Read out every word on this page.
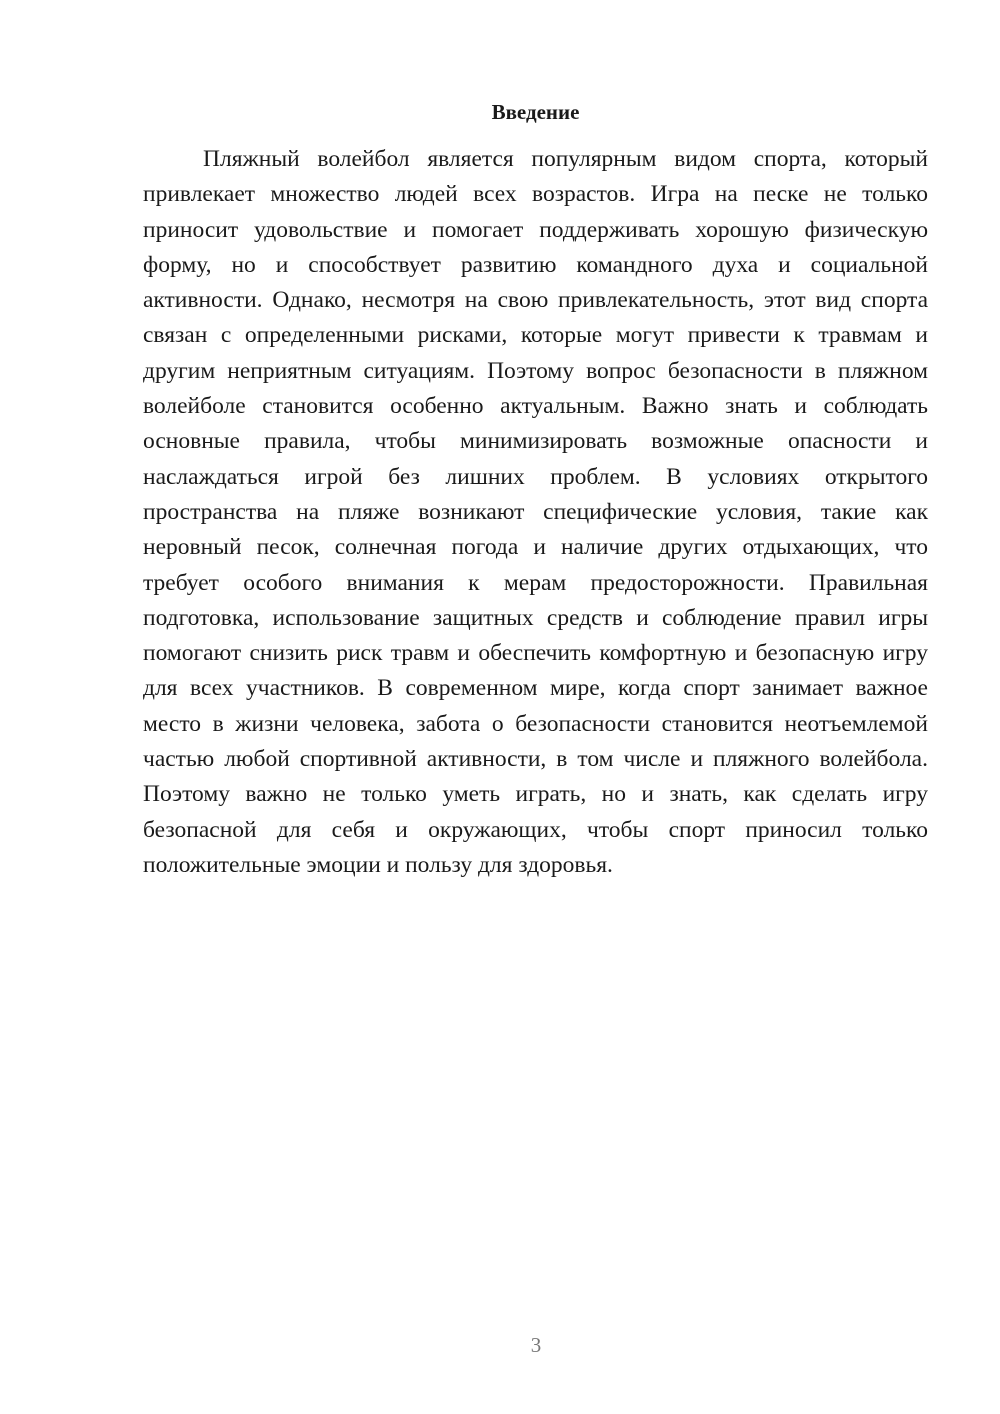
Введение

Пляжный волейбол является популярным видом спорта, который привлекает множество людей всех возрастов. Игра на песке не только приносит удовольствие и помогает поддерживать хорошую физическую форму, но и способствует развитию командного духа и социальной активности. Однако, несмотря на свою привлекательность, этот вид спорта связан с определенными рисками, которые могут привести к травмам и другим неприятным ситуациям. Поэтому вопрос безопасности в пляжном волейболе становится особенно актуальным. Важно знать и соблюдать основные правила, чтобы минимизировать возможные опасности и наслаждаться игрой без лишних проблем. В условиях открытого пространства на пляже возникают специфические условия, такие как неровный песок, солнечная погода и наличие других отдыхающих, что требует особого внимания к мерам предосторожности. Правильная подготовка, использование защитных средств и соблюдение правил игры помогают снизить риск травм и обеспечить комфортную и безопасную игру для всех участников. В современном мире, когда спорт занимает важное место в жизни человека, забота о безопасности становится неотъемлемой частью любой спортивной активности, в том числе и пляжного волейбола. Поэтому важно не только уметь играть, но и знать, как сделать игру безопасной для себя и окружающих, чтобы спорт приносил только положительные эмоции и пользу для здоровья.

3
